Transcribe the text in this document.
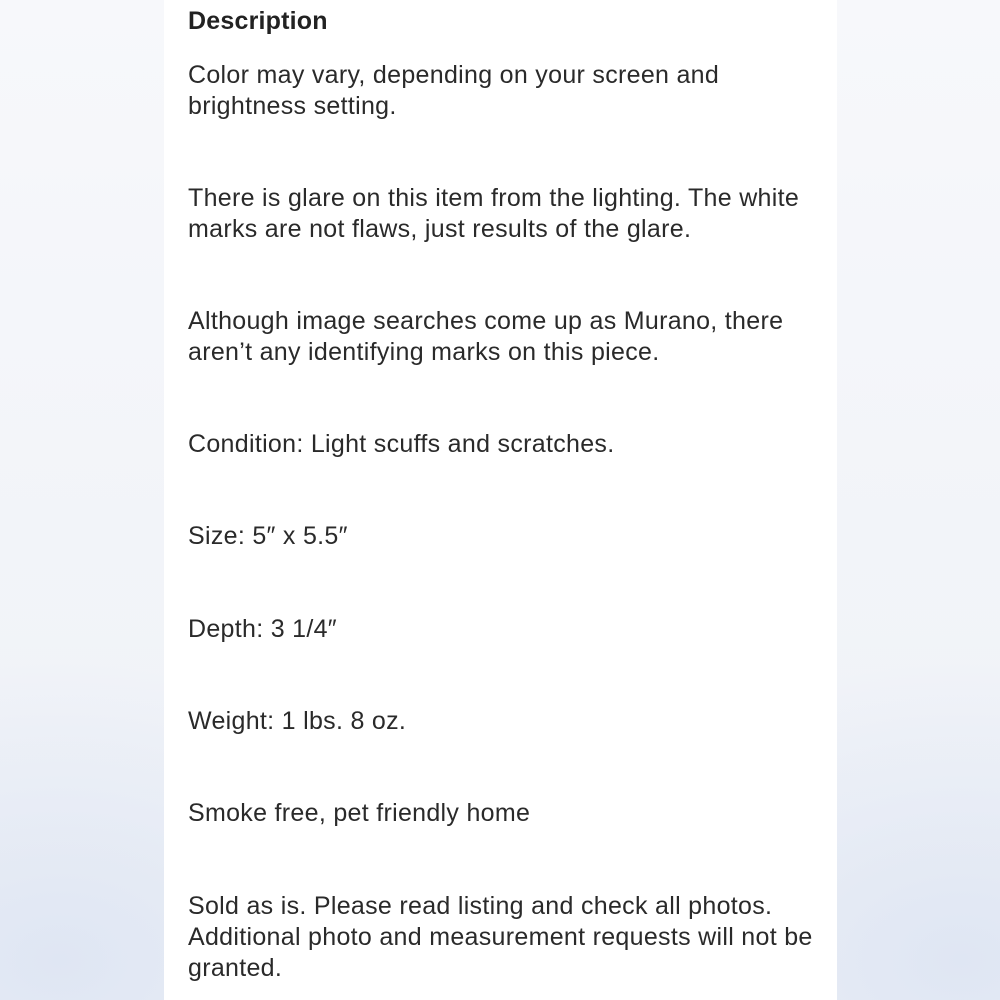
Description

Color may vary, depending on your screen and brightness setting.

There is glare on this item from the lighting. The white marks are not flaws, just results of the glare.

Although image searches come up as Murano, there aren’t any identifying marks on this piece.

Condition: Light scuffs and scratches.

Size: 5″ x 5.5″

Depth: 3 1/4″

Weight: 1 lbs. 8 oz.

Smoke free, pet friendly home

Sold as is. Please read listing and check all photos. Additional photo and measurement requests will not be granted.
